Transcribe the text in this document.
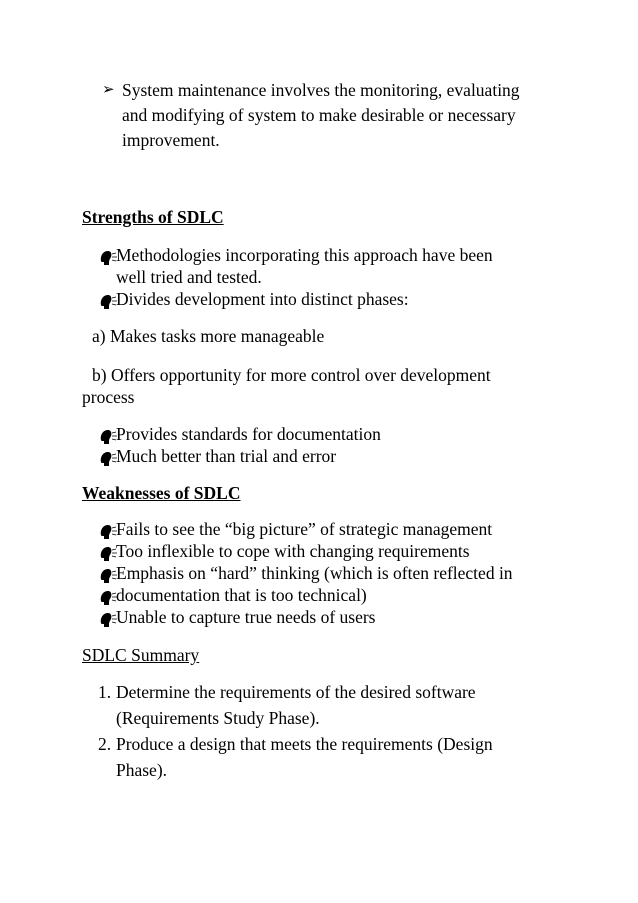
➢ System maintenance involves the monitoring, evaluating
and modifying of system to make desirable or necessary
improvement.
Strengths of SDLC
Methodologies incorporating this approach have been
well tried and tested.
Divides development into distinct phases:
a) Makes tasks more manageable
b) Offers opportunity for more control over development
process
Provides standards for documentation
Much better than trial and error
Weaknesses of SDLC
Fails to see the “big picture” of strategic management
Too inflexible to cope with changing requirements
Emphasis on “hard” thinking (which is often reflected in
documentation that is too technical)
Unable to capture true needs of users
SDLC Summary
1. Determine the requirements of the desired software
(Requirements Study Phase).
2. Produce a design that meets the requirements (Design
Phase).
